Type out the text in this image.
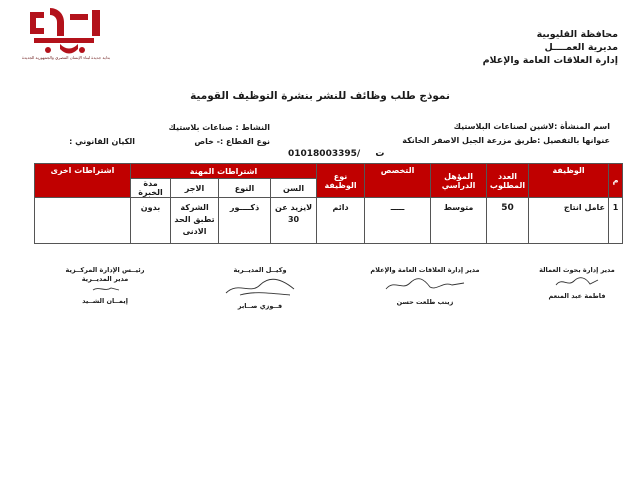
بداية جديدة لبناء الإنسان المصري والجمهورية الجديدة
محافظة القليوبية
مديرية العمــــل
إدارة العلاقات العامة والإعلام
نموذج طلب وظائف للنشر بنشرة التوظيف القومية
اسم المنشأة :لاشين لصناعات البلاستيك
عنوانها بالتفصيل :طريق مزرعة الجبل الاصفر الخانكة
النشاط : صناعات بلاستيك
نوع القطاع :- خاص
01018003395/ ت
الكيان القانوني :
م	الوظيفة	العدد المطلوب	المؤهل الدراسي	التخصص	نوع الوظيفة	اشتراطات المهنة				اشتراطات اخرى
						السن	النوع	الاجر	مدة الخبرة	
1	عامل انتاج	50	متوسط	ـــــ	دائم	لايزيد عن 30	ذكــــور	الشركة تطبق الحد الادنى	بدون	
مدير إدارة بحوث العمالة
فاطمة عبد المنعم
مدير إدارة العلاقات العامة والإعلام
زينب طلعت حسن
وكيــل المديــرية
فــوزي صــابر
رئيــس الإدارة المركــزية
مدير المديــرية
إيمــان الشــيد
